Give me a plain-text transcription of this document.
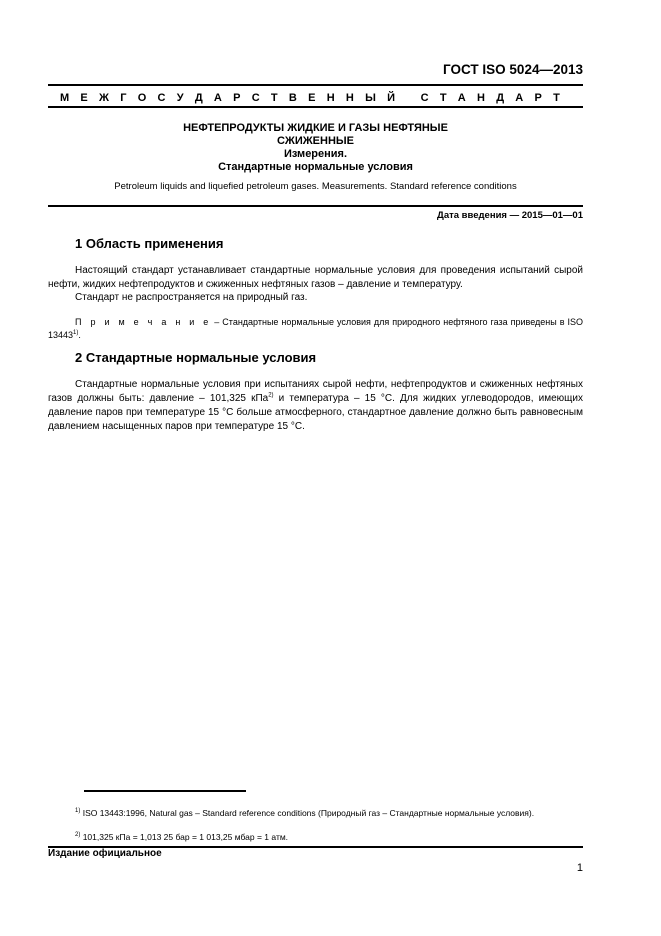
ГОСТ ISO 5024—2013
М Е Ж Г О С У Д А Р С Т В Е Н Н Ы Й
С Т А Н Д А Р Т
НЕФТЕПРОДУКТЫ ЖИДКИЕ И ГАЗЫ НЕФТЯНЫЕ
СЖИЖЕННЫЕ
Измерения.
Стандартные нормальные условия
Petroleum liquids and liquefied petroleum gases. Measurements. Standard reference conditions
Дата введения — 2015—01—01
1 Область применения
Настоящий стандарт устанавливает стандартные нормальные условия для проведения испытаний сырой нефти, жидких нефтепродуктов и сжиженных нефтяных газов – давление и температуру.
Стандарт не распространяется на природный газ.
П р и м е ч а н и е – Стандартные нормальные условия для природного нефтяного газа приведены в ISO 13443$^{1)}$.
2 Стандартные нормальные условия
Стандартные нормальные условия при испытаниях сырой нефти, нефтепродуктов и сжиженных нефтяных газов должны быть: давление – 101,325 кПа$^{2)}$ и температура – 15 °С. Для жидких углеводородов, имеющих давление паров при температуре 15 °С больше атмосферного, стандартное давление должно быть равновесным давлением насыщенных паров при температуре 15 °С.
$^{1)}$ ISO 13443:1996, Natural gas – Standard reference conditions (Природный газ – Стандартные нормальные условия).
$^{2)}$ 101,325 кПа = 1,013 25 бар = 1 013,25 мбар = 1 атм.
Издание официальное
1
